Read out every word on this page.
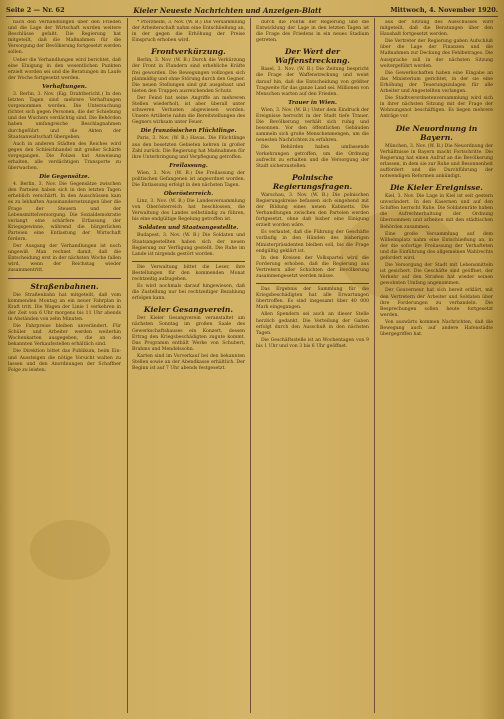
Seite 2 — Nr. 62	Kieler Neueste Nachrichten und Anzeigen-Blatt	Mittwoch, 4. November 1920.

nach den Verhandlungen über den Frieden und die Lage der Wirtschaft wurden weitere Beschlüsse gefaßt. Die Regierung hat mitgeteilt, daß die Maßnahmen für die Versorgung der Bevölkerung fortgesetzt werden sollen.

Ueber die Verhandlungen wird berichtet, daß eine Einigung in den wesentlichen Punkten erzielt worden sei und die Beratungen im Laufe der Woche fortgesetzt werden.

Verhaftungen.

3. Berlin, 3. Nov. (Eig. Drahtbericht.) In den letzten Tagen sind mehrere Verhaftungen vorgenommen worden. Die Untersuchung richtet sich gegen Personen, die der Schiebung und des Wuchers verdächtig sind. Die Behörden haben umfangreiche Beschlagnahmen durchgeführt und die Akten der Staatsanwaltschaft übergeben.

Auch in anderen Städten des Reiches wird gegen den Schleichhandel mit großer Schärfe vorgegangen. Die Polizei hat Anweisung erhalten, alle verdächtigen Transporte zu überwachen.

Die Gegensätze.

4. Berlin, 3. Nov. Die Gegensätze zwischen den Parteien haben sich in den letzten Tagen erheblich verschärft. In den Ausschüssen kam es zu lebhaften Auseinandersetzungen über die Frage der Steuern und der Lebensmittelversorgung. Die Sozialdemokratie verlangt eine schärfere Erfassung der Kriegsgewinne, während die bürgerlichen Parteien eine Entlastung der Wirtschaft fordern.

Der Ausgang der Verhandlungen ist noch ungewiß. Man rechnet damit, daß die Entscheidung erst in der nächsten Woche fallen wird, wenn der Reichstag wieder zusammentritt.

Straßenbahnen.

Die Straßenbahn hat mitgeteilt, daß vom kommenden Montag an ein neuer Fahrplan in Kraft tritt. Die Wagen der Linie 1 verkehren in der Zeit von 6 Uhr morgens bis 11 Uhr abends in Abständen von zehn Minuten.

Die Fahrpreise bleiben unverändert. Für Schüler und Arbeiter werden weiterhin Wochenkarten ausgegeben, die an den bekannten Verkaufsstellen erhältlich sind.

Die Direktion bittet das Publikum, beim Ein- und Aussteigen die nötige Vorsicht walten zu lassen und den Anordnungen der Schaffner Folge zu leisten.

* Pforzheim, 3. Nov. (W. B.) Die Versammlung der Arbeiterschaft nahm eine Entschließung an, in der gegen die Erhöhung der Preise Einspruch erhoben wird.

Frontverkürzung.

Berlin, 3. Nov. (W. B.) Durch die Verkürzung der Front in Flandern sind erhebliche Kräfte frei geworden. Die Bewegungen vollzogen sich planmäßig und ohne Störung durch den Gegner. Die neuen Stellungen sind gut ausgebaut und bieten den Truppen ausreichenden Schutz.

Der Feind hat seine Angriffe an mehreren Stellen wiederholt, ist aber überall unter schweren Verlusten abgewiesen worden. Unsere Artillerie nahm die Bereitstellungen des Gegners wirksam unter Feuer.

Die französischen Flüchtlinge.

Paris, 3. Nov. (W. B.) Havas. Die Flüchtlinge aus den besetzten Gebieten kehren in großer Zahl zurück. Die Regierung hat Maßnahmen für ihre Unterbringung und Verpflegung getroffen.

Freilassung.

Wien, 3. Nov. (W. B.) Die Freilassung der politischen Gefangenen ist angeordnet worden. Die Entlassung erfolgt in den nächsten Tagen.

Oberösterreich.

Linz, 3. Nov. (W. B.) Die Landesversammlung von Oberösterreich hat beschlossen, die Verwaltung des Landes selbständig zu führen, bis eine endgültige Regelung getroffen ist.

Soldaten und Staatsangestellte.

Budapest, 3. Nov. (W. B.) Die Soldaten und Staatsangestellten haben sich der neuen Regierung zur Verfügung gestellt. Die Ruhe im Lande ist nirgends gestört worden.

Die Verwaltung bittet die Leser, ihre Bestellungen für den kommenden Monat rechtzeitig aufzugeben.

Es wird nochmals darauf hingewiesen, daß die Zustellung nur bei rechtzeitiger Bezahlung erfolgen kann.

Kieler Gesangverein.

Der Kieler Gesangverein veranstaltet am nächsten Sonntag im großen Saale des Gewerkschaftshauses ein Konzert, dessen Ertrag den Kriegsbeschädigten zugute kommt. Das Programm enthält Werke von Schubert, Brahms und Mendelssohn.

Karten sind im Vorverkauf bei den bekannten Stellen sowie an der Abendkasse erhältlich. Der Beginn ist auf 7 Uhr abends festgesetzt.

durch die Politik der Regierung und die Entwicklung der Lage in den letzten Tagen ist die Frage des Friedens in ein neues Stadium getreten.

Der Wert der Waffenstreckung.

Basel, 3. Nov. (W. B.) Die Zeitung bespricht die Frage der Waffenstreckung und weist darauf hin, daß die Entscheidung von größter Tragweite für das ganze Land sei. Millionen von Menschen warten auf den Frieden.

Trauer in Wien.

Wien, 3. Nov. (W. B.) Unter dem Eindruck der Ereignisse herrscht in der Stadt tiefe Trauer. Die Bevölkerung verhält sich ruhig und besonnen. Vor den öffentlichen Gebäuden sammeln sich große Menschenmengen, um die neuesten Nachrichten zu erfahren.

Die Behörden haben umfassende Vorkehrungen getroffen, um die Ordnung aufrecht zu erhalten und die Versorgung der Stadt sicherzustellen.

Polnische Regierungsfragen.

Warschau, 3. Nov. (W. B.) Die polnischen Regierungskreise befassen sich eingehend mit der Bildung eines neuen Kabinetts. Die Verhandlungen zwischen den Parteien werden fortgesetzt, ohne daß bisher eine Einigung erzielt worden wäre.

Es verlautet, daß die Führung der Geschäfte vorläufig in den Händen des bisherigen Ministerpräsidenten bleiben soll, bis die Frage endgültig geklärt ist.

In den Kreisen der Volkspartei wird die Forderung erhoben, daß die Regierung aus Vertretern aller Schichten der Bevölkerung zusammengesetzt werden müsse.

Das Ergebnis der Sammlung für die Kriegsbeschädigten hat alle Erwartungen übertroffen. Es sind insgesamt über 40 000 Mark eingegangen.

Allen Spendern sei auch an dieser Stelle herzlich gedankt. Die Verteilung der Gaben erfolgt durch den Ausschuß in den nächsten Tagen.

Die Geschäftsstelle ist an Wochentagen von 9 bis 1 Uhr und von 3 bis 6 Uhr geöffnet.

aus der Sitzung des Ausschusses wird mitgeteilt, daß die Beratungen über den Haushalt fortgesetzt werden.

Die Vertreter der Regierung gaben Aufschluß über die Lage der Finanzen und die Maßnahmen zur Deckung des Fehlbetrages. Die Aussprache soll in der nächsten Sitzung weitergeführt werden.

Die Gewerkschaften haben eine Eingabe an das Ministerium gerichtet, in der sie eine Erhöhung der Teuerungszulagen für alle Arbeiter und Angestellten verlangen.

Die Stadtverordnetenversammlung wird sich in ihrer nächsten Sitzung mit der Frage der Wohnungsnot beschäftigen. Es liegen mehrere Anträge vor.

Die Neuordnung in Bayern.

München, 3. Nov. (W. B.) Die Neuordnung der Verhältnisse in Bayern macht Fortschritte. Die Regierung hat einen Aufruf an die Bevölkerung erlassen, in dem sie zur Ruhe und Besonnenheit auffordert und die Durchführung der notwendigen Reformen ankündigt.

Die Kieler Ereignisse.

Kiel, 3. Nov. Die Lage in Kiel ist seit gestern unverändert. In den Kasernen und auf den Schiffen herrscht Ruhe. Die Soldatenräte haben die Aufrechterhaltung der Ordnung übernommen und arbeiten mit den städtischen Behörden zusammen.

Eine große Versammlung auf dem Wilhelmplatz nahm eine Entschließung an, in der die sofortige Freilassung der Verhafteten und die Einführung des allgemeinen Wahlrechts gefordert wird.

Die Versorgung der Stadt mit Lebensmitteln ist gesichert. Die Geschäfte sind geöffnet, der Verkehr auf den Straßen hat wieder seinen gewohnten Umfang angenommen.

Der Gouverneur hat sich bereit erklärt, mit den Vertretern der Arbeiter und Soldaten über ihre Forderungen zu verhandeln. Die Besprechungen sollen heute fortgesetzt werden.

Von auswärts kommen Nachrichten, daß die Bewegung auch auf andere Hafenstädte übergegriffen hat.
